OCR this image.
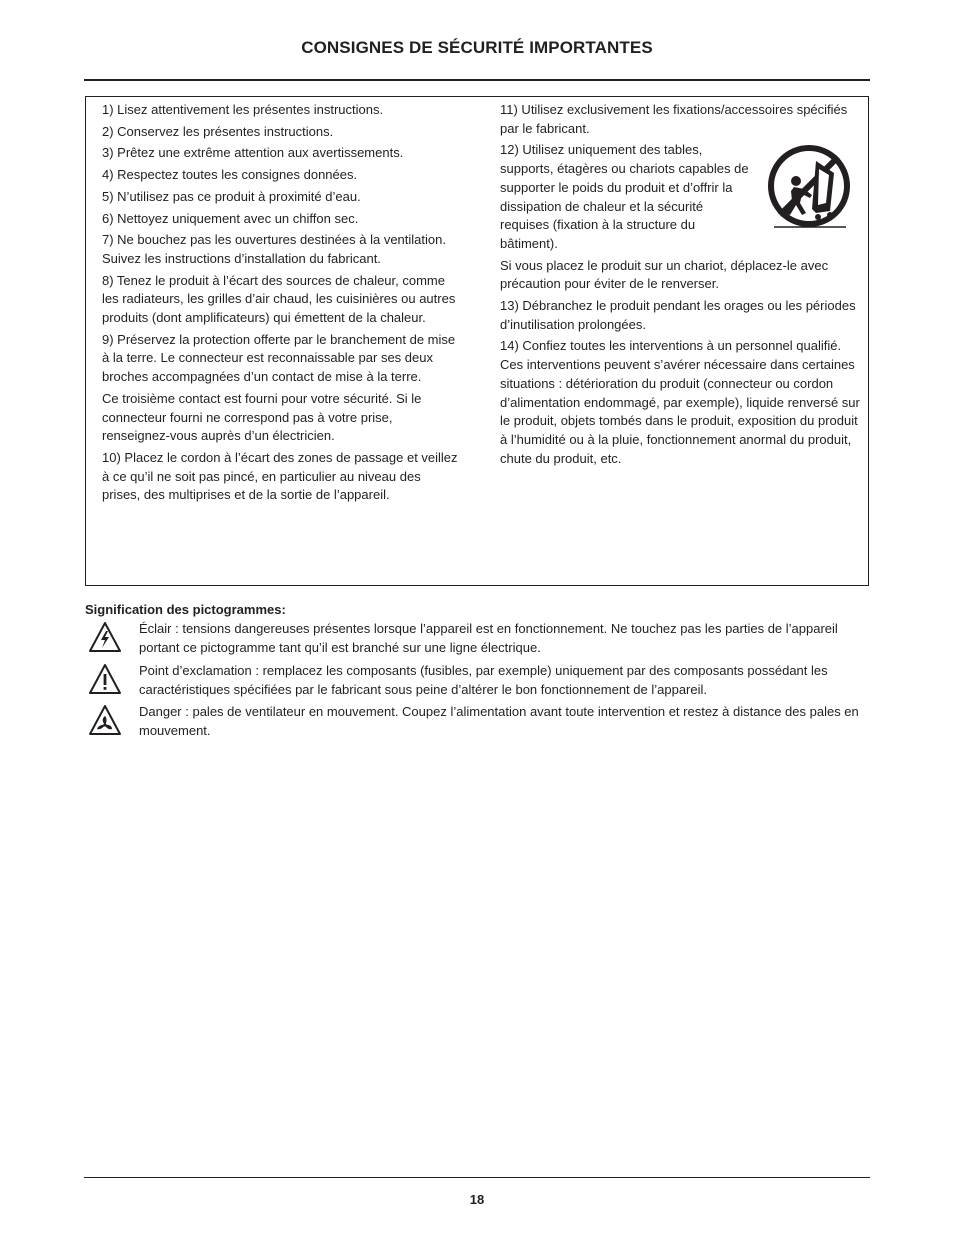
CONSIGNES DE SÉCURITÉ IMPORTANTES

1) Lisez attentivement les présentes instructions.

2) Conservez les présentes instructions.

3) Prêtez une extrême attention aux avertissements.

4) Respectez toutes les consignes données.

5) N’utilisez pas ce produit à proximité d’eau.

6) Nettoyez uniquement avec un chiffon sec.

7) Ne bouchez pas les ouvertures destinées à la ventilation. Suivez les instructions d’installation du fabricant.

8) Tenez le produit à l’écart des sources de chaleur, comme les radiateurs, les grilles d’air chaud, les cuisinières ou autres produits (dont amplificateurs) qui émettent de la chaleur.

9) Préservez la protection offerte par le branchement de mise à la terre. Le connecteur est reconnaissable par ses deux broches accompagnées d’un contact de mise à la terre.

Ce troisième contact est fourni pour votre sécurité. Si le connecteur fourni ne correspond pas à votre prise, renseignez-vous auprès d’un électricien.

10) Placez le cordon à l’écart des zones de passage et veillez à ce qu’il ne soit pas pincé, en particulier au niveau des prises, des multiprises et de la sortie de l’appareil.

11) Utilisez exclusivement les fixations/accessoires spécifiés par le fabricant.

12) Utilisez uniquement des tables, supports, étagères ou chariots capables de supporter le poids du produit et d’offrir la dissipation de chaleur et la sécurité requises (fixation à la structure du bâtiment).

Si vous placez le produit sur un chariot, déplacez-le avec précaution pour éviter de le renverser.

13) Débranchez le produit pendant les orages ou les périodes d’inutilisation prolongées.

14) Confiez toutes les interventions à un personnel qualifié. Ces interventions peuvent s’avérer nécessaire dans certaines situations : détérioration du produit (connecteur ou cordon d’alimentation endommagé, par exemple), liquide renversé sur le produit, objets tombés dans le produit, exposition du produit à l’humidité ou à la pluie, fonctionnement anormal du produit, chute du produit, etc.

Signification des pictogrammes:
Éclair : tensions dangereuses présentes lorsque l’appareil est en fonctionnement. Ne touchez pas les parties de l’appareil portant ce pictogramme tant qu’il est branché sur une ligne électrique.
Point d’exclamation : remplacez les composants (fusibles, par exemple) uniquement par des composants possédant les caractéristiques spécifiées par le fabricant sous peine d’altérer le bon fonctionnement de l’appareil.
Danger : pales de ventilateur en mouvement. Coupez l’alimentation avant toute intervention et restez à distance des pales en mouvement.
18
